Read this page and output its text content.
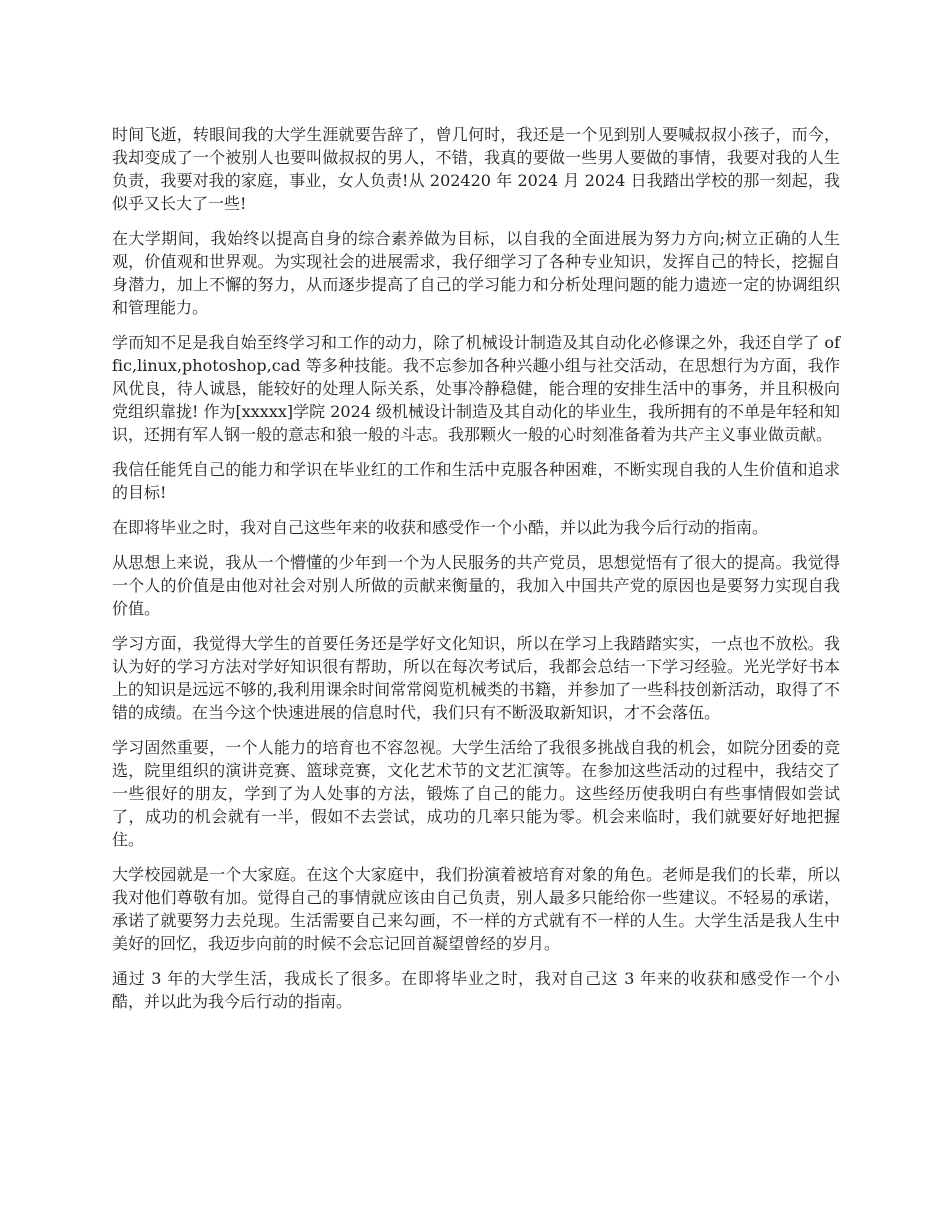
时间飞逝，转眼间我的大学生涯就要告辞了，曾几何时，我还是一个见到别人要喊叔叔小孩子，而今，我却变成了一个被别人也要叫做叔叔的男人，不错，我真的要做一些男人要做的事情，我要对我的人生负责，我要对我的家庭，事业，女人负责!从 202420 年 2024 月 2024 日我踏出学校的那一刻起，我似乎又长大了一些!

在大学期间，我始终以提高自身的综合素养做为目标，以自我的全面进展为努力方向;树立正确的人生观，价值观和世界观。为实现社会的进展需求，我仔细学习了各种专业知识，发挥自己的特长，挖掘自身潜力，加上不懈的努力，从而逐步提高了自己的学习能力和分析处理问题的能力遗迹一定的协调组织和管理能力。

学而知不足是我自始至终学习和工作的动力，除了机械设计制造及其自动化必修课之外，我还自学了 offic,linux,photoshop,cad 等多种技能。我不忘参加各种兴趣小组与社交活动，在思想行为方面，我作风优良，待人诚恳，能较好的处理人际关系，处事冷静稳健，能合理的安排生活中的事务，并且积极向党组织靠拢! 作为[xxxxx]学院 2024 级机械设计制造及其自动化的毕业生，我所拥有的不单是年轻和知识，还拥有军人钢一般的意志和狼一般的斗志。我那颗火一般的心时刻准备着为共产主义事业做贡献。

我信任能凭自己的能力和学识在毕业红的工作和生活中克服各种困难，不断实现自我的人生价值和追求的目标!

在即将毕业之时，我对自己这些年来的收获和感受作一个小酷，并以此为我今后行动的指南。

从思想上来说，我从一个懵懂的少年到一个为人民服务的共产党员，思想觉悟有了很大的提高。我觉得一个人的价值是由他对社会对别人所做的贡献来衡量的，我加入中国共产党的原因也是要努力实现自我价值。

学习方面，我觉得大学生的首要任务还是学好文化知识，所以在学习上我踏踏实实，一点也不放松。我认为好的学习方法对学好知识很有帮助，所以在每次考试后，我都会总结一下学习经验。光光学好书本上的知识是远远不够的,我利用课余时间常常阅览机械类的书籍，并参加了一些科技创新活动，取得了不错的成绩。在当今这个快速进展的信息时代，我们只有不断汲取新知识，才不会落伍。

学习固然重要，一个人能力的培育也不容忽视。大学生活给了我很多挑战自我的机会，如院分团委的竞选，院里组织的演讲竞赛、篮球竞赛，文化艺术节的文艺汇演等。在参加这些活动的过程中，我结交了一些很好的朋友，学到了为人处事的方法，锻炼了自己的能力。这些经历使我明白有些事情假如尝试了，成功的机会就有一半，假如不去尝试，成功的几率只能为零。机会来临时，我们就要好好地把握住。

大学校园就是一个大家庭。在这个大家庭中，我们扮演着被培育对象的角色。老师是我们的长辈，所以我对他们尊敬有加。觉得自己的事情就应该由自己负责，别人最多只能给你一些建议。不轻易的承诺，承诺了就要努力去兑现。生活需要自己来勾画，不一样的方式就有不一样的人生。大学生活是我人生中美好的回忆，我迈步向前的时候不会忘记回首凝望曾经的岁月。

通过 3 年的大学生活，我成长了很多。在即将毕业之时，我对自己这 3 年来的收获和感受作一个小酷，并以此为我今后行动的指南。
